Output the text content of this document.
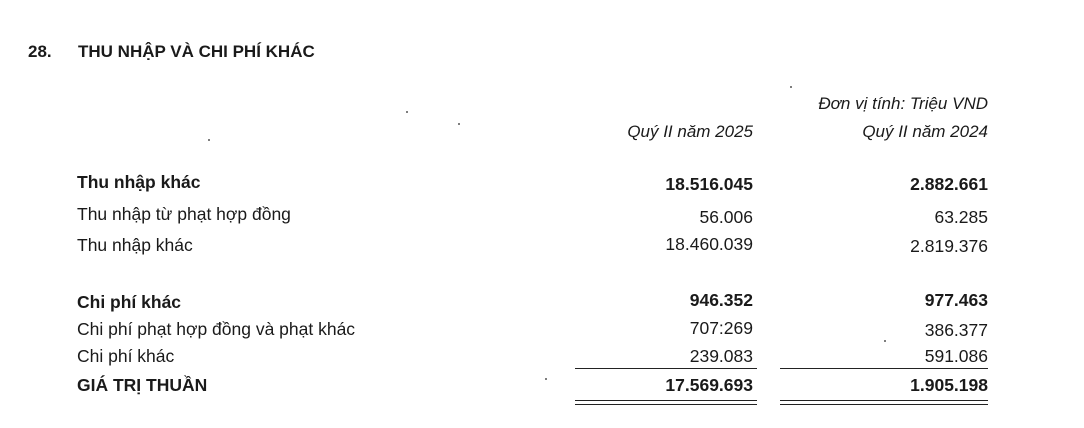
28. THU NHẬP VÀ CHI PHÍ KHÁC
Đơn vị tính: Triệu VND
Quý II năm 2025	Quý II năm 2024
Thu nhập khác	18.516.045	2.882.661
Thu nhập từ phạt hợp đồng	56.006	63.285
Thu nhập khác	18.460.039	2.819.376
Chi phí khác	946.352	977.463
Chi phí phạt hợp đồng và phạt khác	707:269	386.377
Chi phí khác	239.083	591.086
GIÁ TRỊ THUẦN	17.569.693	1.905.198
